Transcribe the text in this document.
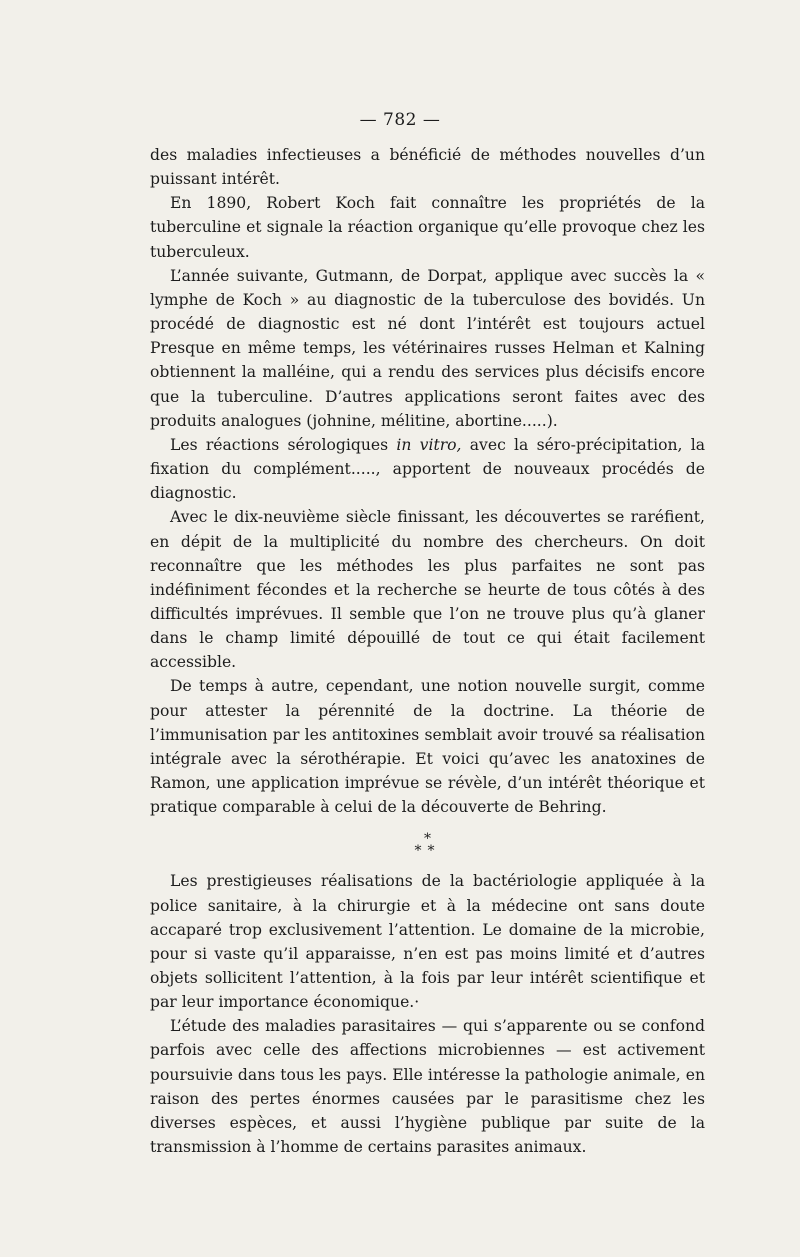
— 782 —

des maladies infectieuses a bénéficié de méthodes nouvelles d’un puissant intérêt.

En 1890, Robert Koch fait connaître les propriétés de la tuberculine et signale la réaction organique qu’elle provoque chez les tuberculeux.

L’année suivante, Gutmann, de Dorpat, applique avec succès la « lymphe de Koch » au diagnostic de la tuberculose des bovidés. Un procédé de diagnostic est né dont l’intérêt est toujours actuel Presque en même temps, les vétérinaires russes Helman et Kalning obtiennent la malléine, qui a rendu des services plus décisifs encore que la tuberculine. D’autres applications seront faites avec des produits analogues (johnine, mélitine, abortine.....).

Les réactions sérologiques in vitro, avec la séro-précipitation, la fixation du complément....., apportent de nouveaux procédés de diagnostic.

Avec le dix-neuvième siècle finissant, les découvertes se raréfient, en dépit de la multiplicité du nombre des chercheurs. On doit reconnaître que les méthodes les plus parfaites ne sont pas indéfiniment fécondes et la recherche se heurte de tous côtés à des difficultés imprévues. Il semble que l’on ne trouve plus qu’à glaner dans le champ limité dépouillé de tout ce qui était facilement accessible.

De temps à autre, cependant, une notion nouvelle surgit, comme pour attester la pérennité de la doctrine. La théorie de l’immunisation par les antitoxines semblait avoir trouvé sa réalisation intégrale avec la sérothérapie. Et voici qu’avec les anatoxines de Ramon, une application imprévue se révèle, d’un intérêt théorique et pratique comparable à celui de la découverte de Behring.

*
**

Les prestigieuses réalisations de la bactériologie appliquée à la police sanitaire, à la chirurgie et à la médecine ont sans doute accaparé trop exclusivement l’attention. Le domaine de la microbie, pour si vaste qu’il apparaisse, n’en est pas moins limité et d’autres objets sollicitent l’attention, à la fois par leur intérêt scientifique et par leur importance économique.·

L’étude des maladies parasitaires — qui s’apparente ou se confond parfois avec celle des affections microbiennes — est activement poursuivie dans tous les pays. Elle intéresse la pathologie animale, en raison des pertes énormes causées par le parasitisme chez les diverses espèces, et aussi l’hygiène publique par suite de la transmission à l’homme de certains parasites animaux.
